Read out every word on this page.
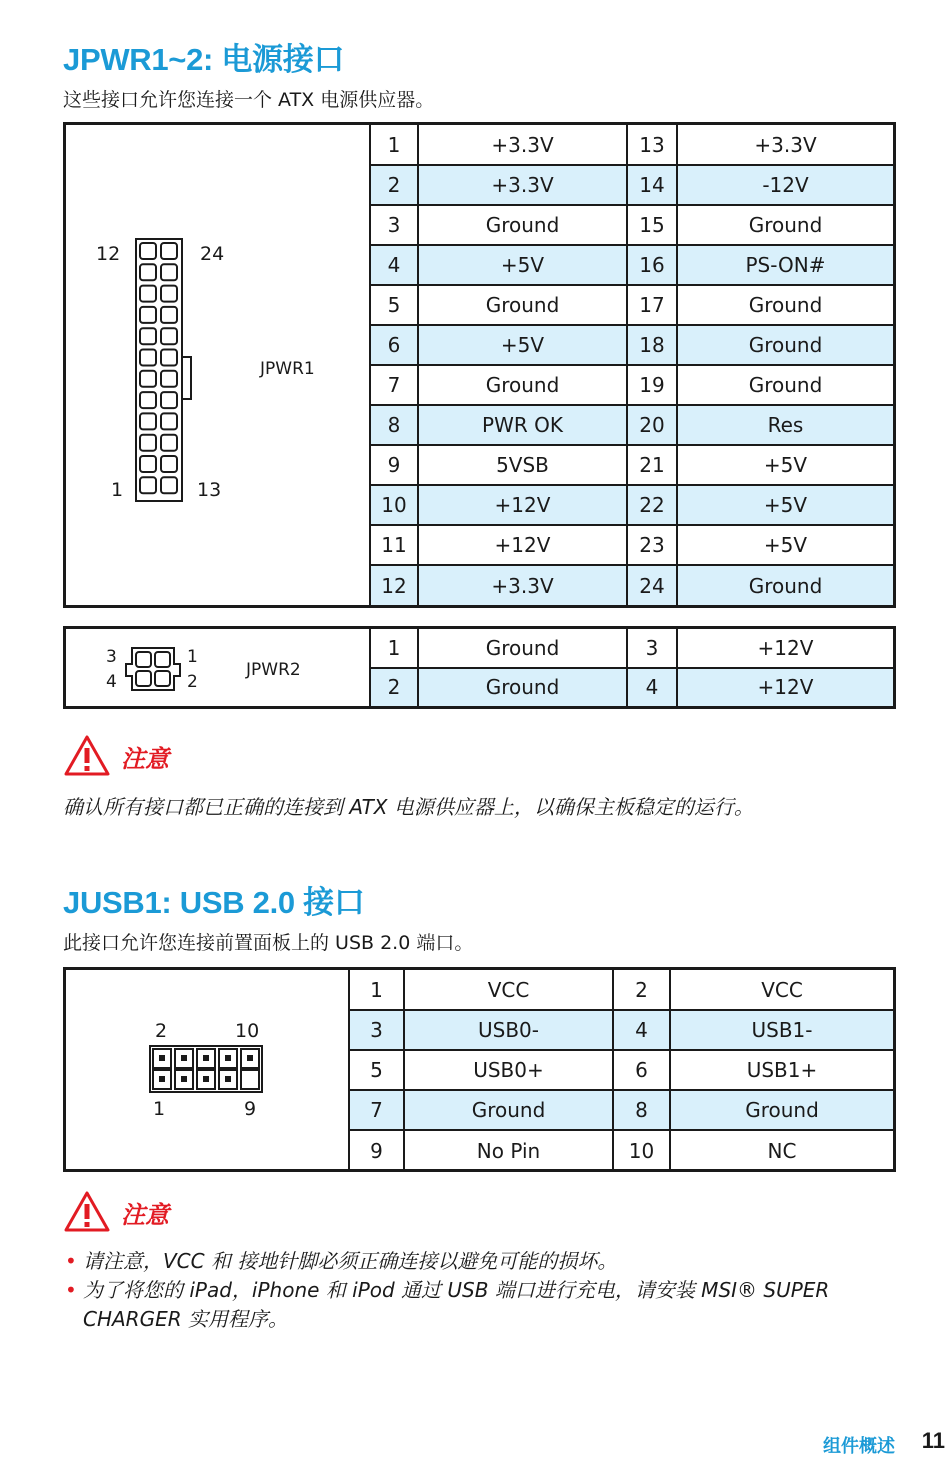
JPWR1~2: 电源接口

这些接口允许您连接一个 ATX 电源供应器。

12	24
1	13
JPWR1
1	+3.3V	13	+3.3V
2	+3.3V	14	-12V
3	Ground	15	Ground
4	+5V	16	PS-ON#
5	Ground	17	Ground
6	+5V	18	Ground
7	Ground	19	Ground
8	PWR OK	20	Res
9	5VSB	21	+5V
10	+12V	22	+5V
11	+12V	23	+5V
12	+3.3V	24	Ground
3
4
1
2
JPWR2
1	Ground	3	+12V
2	Ground	4	+12V
注意

确认所有接口都已正确的连接到 ATX 电源供应器上，以确保主板稳定的运行。

JUSB1: USB 2.0 接口

此接口允许您连接前置面板上的 USB 2.0 端口。

2	10
1	9
1	VCC	2	VCC
3	USB0-	4	USB1-
5	USB0+	6	USB1+
7	Ground	8	Ground
9	No Pin	10	NC
注意
• 请注意，VCC 和 接地针脚必须正确连接以避免可能的损坏。
• 为了将您的 iPad，iPhone 和 iPod 通过 USB 端口进行充电，请安装 MSI® SUPER CHARGER 实用程序。
组件概述 11
